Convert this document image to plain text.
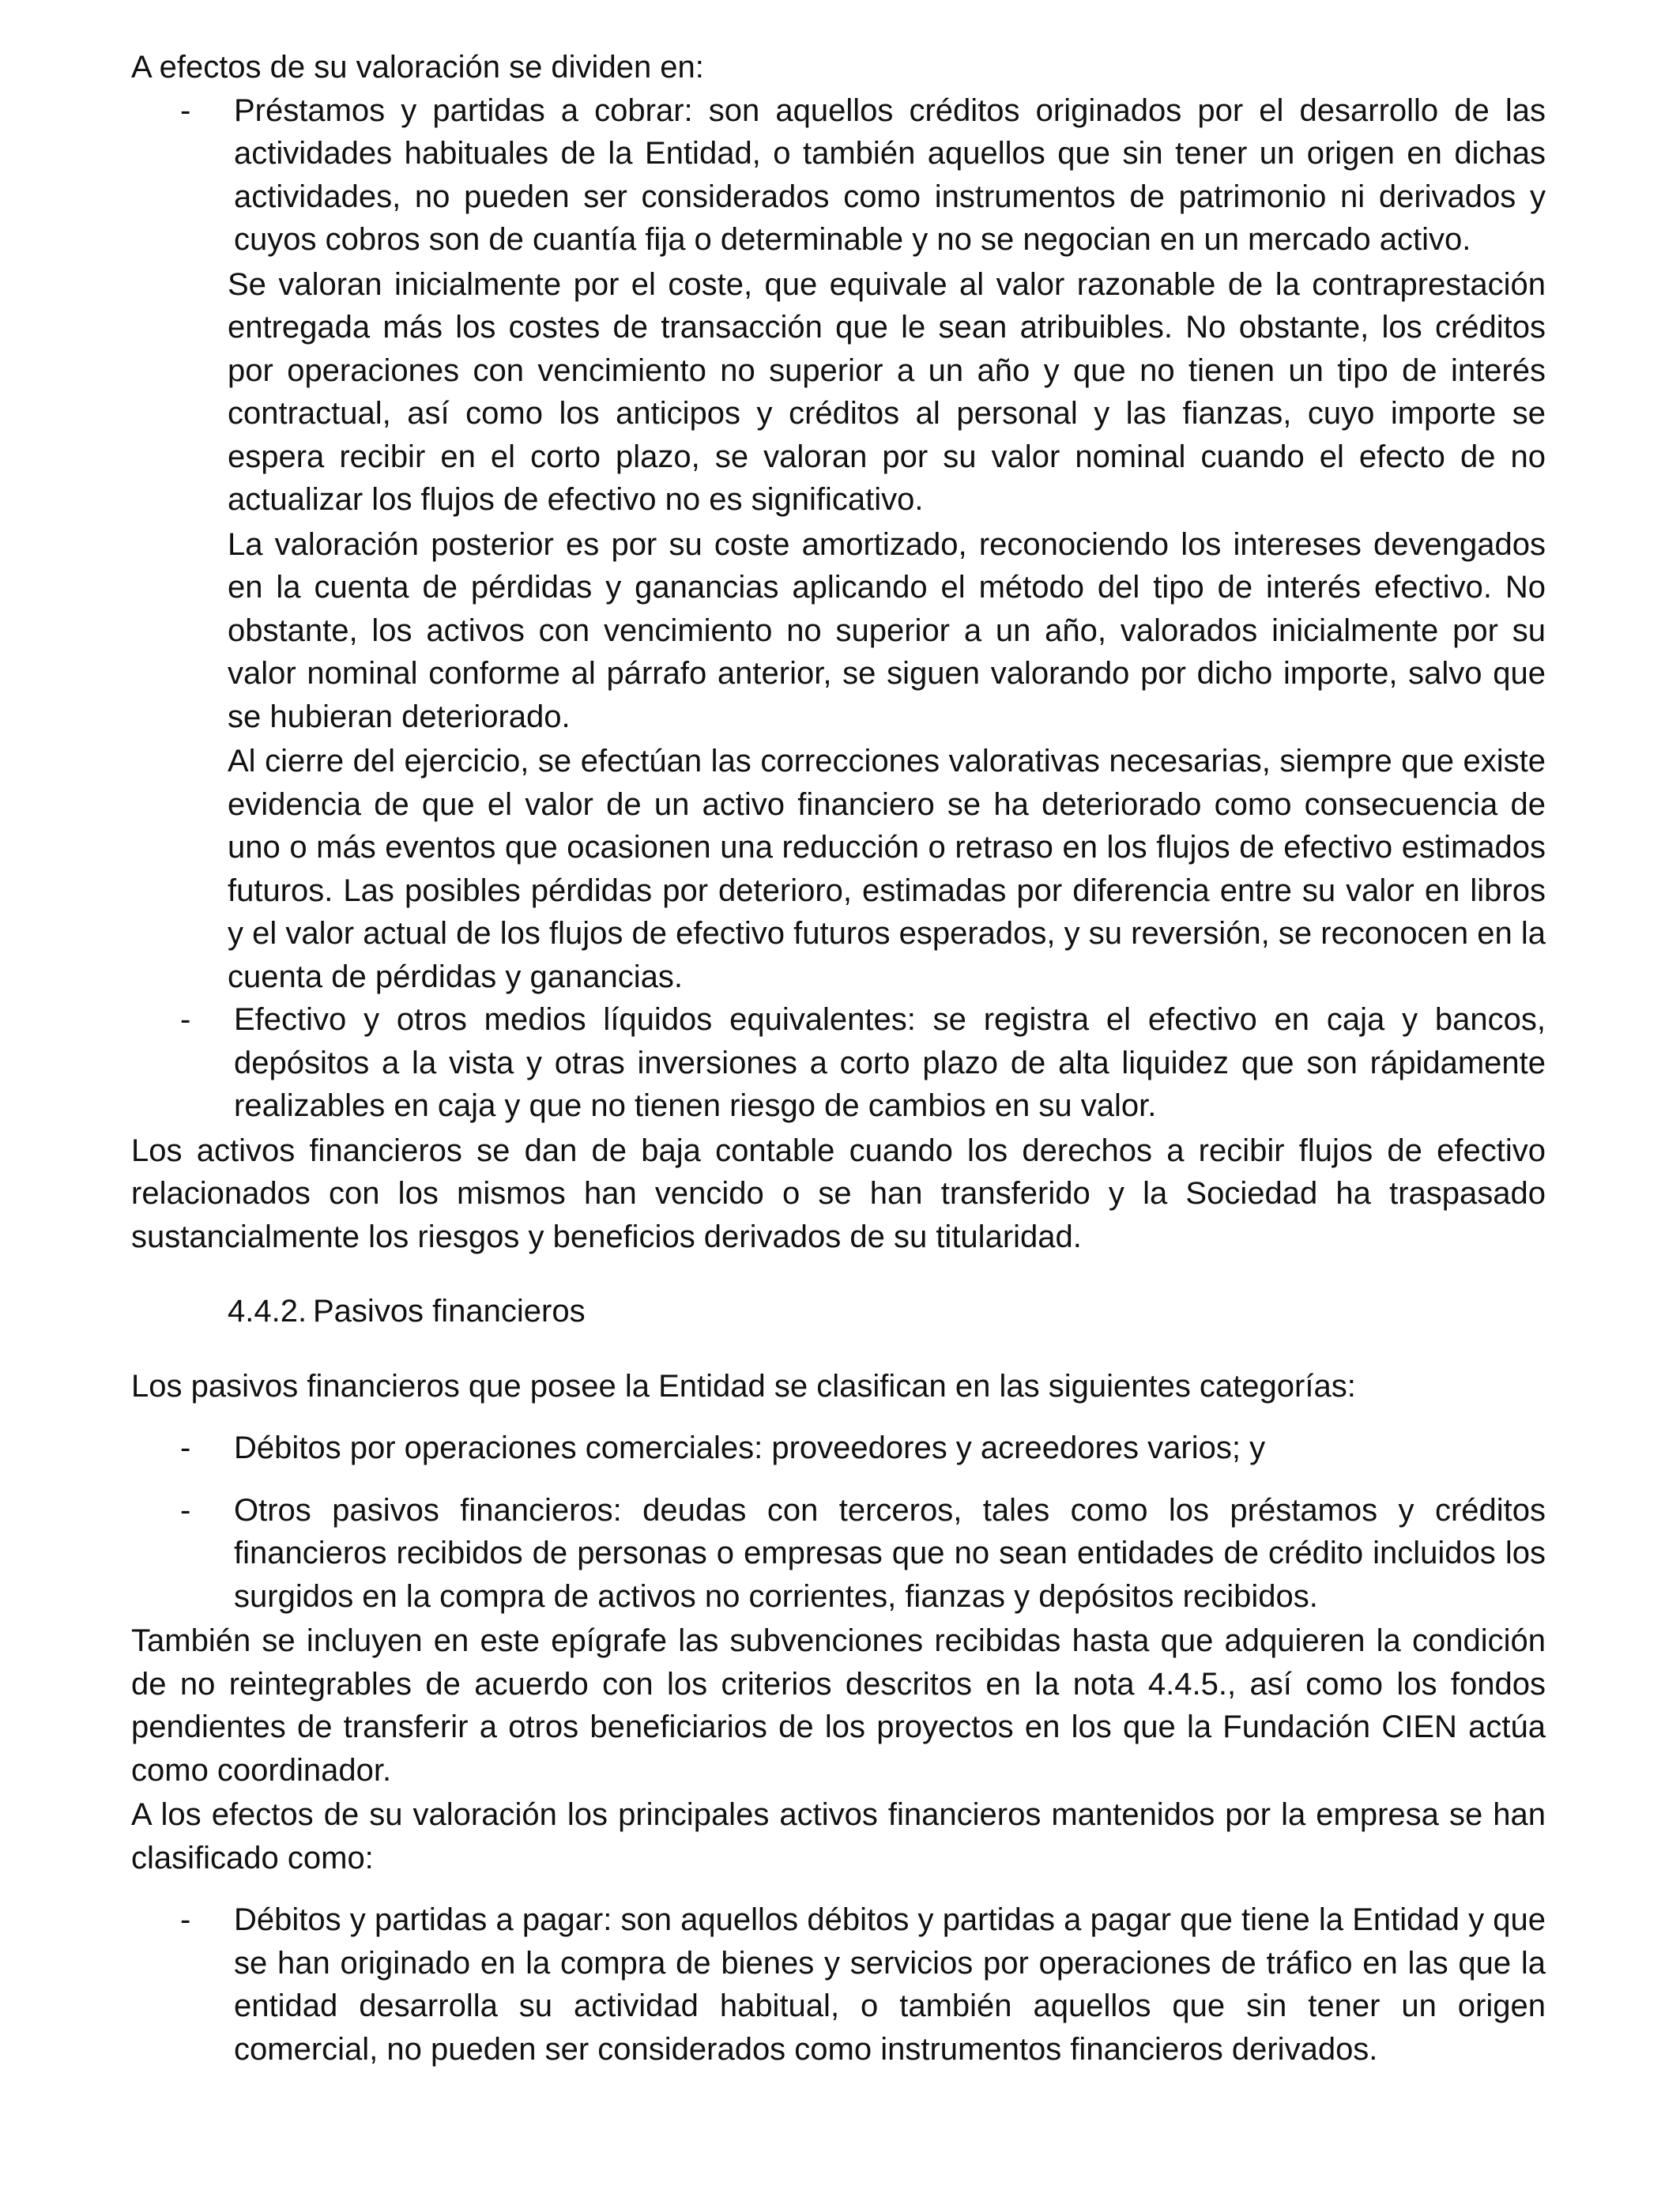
A efectos de su valoración se dividen en:

- Préstamos y partidas a cobrar: son aquellos créditos originados por el desarrollo de las actividades habituales de la Entidad, o también aquellos que sin tener un origen en dichas actividades, no pueden ser considerados como instrumentos de patrimonio ni derivados y cuyos cobros son de cuantía fija o determinable y no se negocian en un mercado activo.

Se valoran inicialmente por el coste, que equivale al valor razonable de la contraprestación entregada más los costes de transacción que le sean atribuibles. No obstante, los créditos por operaciones con vencimiento no superior a un año y que no tienen un tipo de interés contractual, así como los anticipos y créditos al personal y las fianzas, cuyo importe se espera recibir en el corto plazo, se valoran por su valor nominal cuando el efecto de no actualizar los flujos de efectivo no es significativo.

La valoración posterior es por su coste amortizado, reconociendo los intereses devengados en la cuenta de pérdidas y ganancias aplicando el método del tipo de interés efectivo. No obstante, los activos con vencimiento no superior a un año, valorados inicialmente por su valor nominal conforme al párrafo anterior, se siguen valorando por dicho importe, salvo que se hubieran deteriorado.

Al cierre del ejercicio, se efectúan las correcciones valorativas necesarias, siempre que existe evidencia de que el valor de un activo financiero se ha deteriorado como consecuencia de uno o más eventos que ocasionen una reducción o retraso en los flujos de efectivo estimados futuros. Las posibles pérdidas por deterioro, estimadas por diferencia entre su valor en libros y el valor actual de los flujos de efectivo futuros esperados, y su reversión, se reconocen en la cuenta de pérdidas y ganancias.

- Efectivo y otros medios líquidos equivalentes: se registra el efectivo en caja y bancos, depósitos a la vista y otras inversiones a corto plazo de alta liquidez que son rápidamente realizables en caja y que no tienen riesgo de cambios en su valor.

Los activos financieros se dan de baja contable cuando los derechos a recibir flujos de efectivo relacionados con los mismos han vencido o se han transferido y la Sociedad ha traspasado sustancialmente los riesgos y beneficios derivados de su titularidad.

4.4.2. Pasivos financieros

Los pasivos financieros que posee la Entidad se clasifican en las siguientes categorías:

- Débitos por operaciones comerciales: proveedores y acreedores varios; y
- Otros pasivos financieros: deudas con terceros, tales como los préstamos y créditos financieros recibidos de personas o empresas que no sean entidades de crédito incluidos los surgidos en la compra de activos no corrientes, fianzas y depósitos recibidos.

También se incluyen en este epígrafe las subvenciones recibidas hasta que adquieren la condición de no reintegrables de acuerdo con los criterios descritos en la nota 4.4.5., así como los fondos pendientes de transferir a otros beneficiarios de los proyectos en los que la Fundación CIEN actúa como coordinador.

A los efectos de su valoración los principales activos financieros mantenidos por la empresa se han clasificado como:

- Débitos y partidas a pagar: son aquellos débitos y partidas a pagar que tiene la Entidad y que se han originado en la compra de bienes y servicios por operaciones de tráfico en las que la entidad desarrolla su actividad habitual, o también aquellos que sin tener un origen comercial, no pueden ser considerados como instrumentos financieros derivados.
